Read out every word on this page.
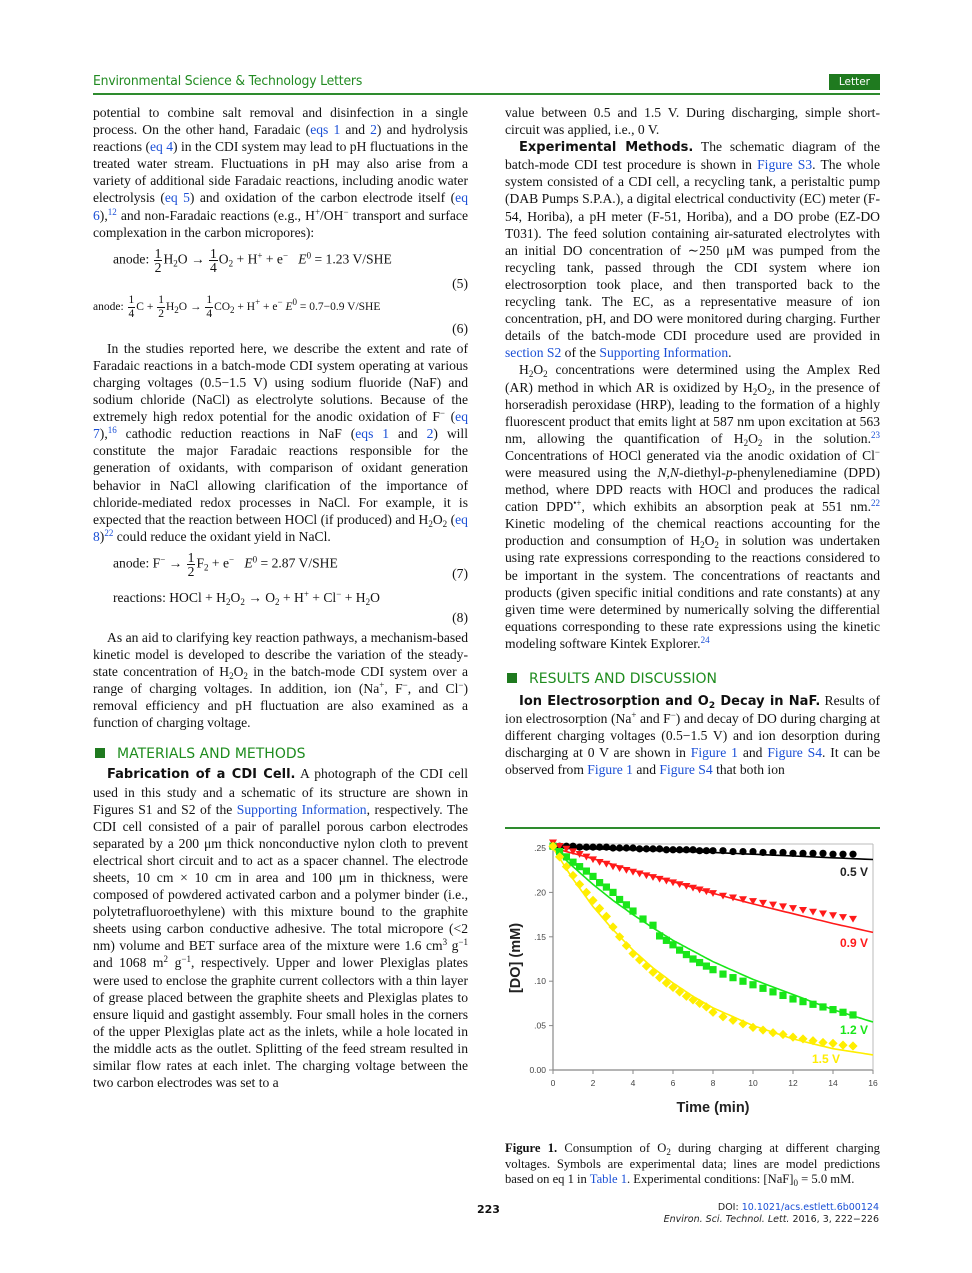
Environmental Science & Technology Letters	Letter

potential to combine salt removal and disinfection in a single process. On the other hand, Faradaic (eqs 1 and 2) and hydrolysis reactions (eq 4) in the CDI system may lead to pH fluctuations in the treated water stream. Fluctuations in pH may also arise from a variety of additional side Faradaic reactions, including anodic water electrolysis (eq 5) and oxidation of the carbon electrode itself (eq 6),$^{12}$ and non-Faradaic reactions (e.g., H+/OH− transport and surface complexation in the carbon micropores):

anode: $\frac{1}{2} H_2O \to \frac{1}{4} O_2 + H^+ + e^-$ $E^0 = 1.23$ V/SHE
(5)
anode: $\frac{1}{4}$ $C + \frac{1}{2} H_2O \to \frac{1}{4} CO_2 + H^+ + e^-$ $E^0 = 0.7-0.9$ V/SHE
(6)

In the studies reported here, we describe the extent and rate of Faradaic reactions in a batch-mode CDI system operating at various charging voltages (0.5−1.5 V) using sodium fluoride (NaF) and sodium chloride (NaCl) as electrolyte solutions. Because of the extremely high redox potential for the anodic oxidation of F− (eq 7),$^{16}$ cathodic reduction reactions in NaF (eqs 1 and 2) will constitute the major Faradaic reactions responsible for the generation of oxidants, with comparison of oxidant generation behavior in NaCl allowing clarification of the importance of chloride-mediated redox processes in NaCl. For example, it is expected that the reaction between HOCl (if produced) and $H_2O_2$ (eq 8)$^{22}$ could reduce the oxidant yield in NaCl.

anode: $F^- \to \frac{1}{2} F_2 + e^-$ $E^0 = 2.87$ V/SHE
(7)
reactions: HOCl + $H_2O_2 \to O_2 + H^+ + Cl^- + H_2O$
(8)

As an aid to clarifying key reaction pathways, a mechanism-based kinetic model is developed to describe the variation of the steady-state concentration of $H_2O_2$ in the batch-mode CDI system over a range of charging voltages. In addition, ion (Na+, F−, and Cl−) removal efficiency and pH fluctuation are also examined as a function of charging voltage.

MATERIALS AND METHODS

Fabrication of a CDI Cell. A photograph of the CDI cell used in this study and a schematic of its structure are shown in Figures S1 and S2 of the Supporting Information, respectively. The CDI cell consisted of a pair of parallel porous carbon electrodes separated by a 200 μm thick nonconductive nylon cloth to prevent electrical short circuit and to act as a spacer channel. The electrode sheets, 10 cm × 10 cm in area and 100 μm in thickness, were composed of powdered activated carbon and a polymer binder (i.e., polytetrafluoroethylene) with this mixture bound to the graphite sheets using carbon conductive adhesive. The total micropore (<2 nm) volume and BET surface area of the mixture were 1.6 $cm^3$ $g^{-1}$ and 1068 $m^2$ $g^{-1}$, respectively. Upper and lower Plexiglas plates were used to enclose the graphite current collectors with a thin layer of grease placed between the graphite sheets and Plexiglas plates to ensure liquid and gastight assembly. Four small holes in the corners of the upper Plexiglas plate act as the inlets, while a hole located in the middle acts as the outlet. Splitting of the feed stream resulted in similar flow rates at each inlet. The charging voltage between the two carbon electrodes was set to a

value between 0.5 and 1.5 V. During discharging, simple short-circuit was applied, i.e., 0 V.

Experimental Methods. The schematic diagram of the batch-mode CDI test procedure is shown in Figure S3. The whole system consisted of a CDI cell, a recycling tank, a peristaltic pump (DAB Pumps S.P.A.), a digital electrical conductivity (EC) meter (F-54, Horiba), a pH meter (F-51, Horiba), and a DO probe (EZ-DO T031). The feed solution containing air-saturated electrolytes with an initial DO concentration of ∼250 μM was pumped from the recycling tank, passed through the CDI system where ion electrosorption took place, and then transported back to the recycling tank. The EC, as a representative measure of ion concentration, pH, and DO were monitored during charging. Further details of the batch-mode CDI procedure used are provided in section S2 of the Supporting Information.

$H_2O_2$ concentrations were determined using the Amplex Red (AR) method in which AR is oxidized by $H_2O_2$, in the presence of horseradish peroxidase (HRP), leading to the formation of a highly fluorescent product that emits light at 587 nm upon excitation at 563 nm, allowing the quantification of $H_2O_2$ in the solution.$^{23}$ Concentrations of HOCl generated via the anodic oxidation of Cl− were measured using the N,N-diethyl-p-phenylenediamine (DPD) method, where DPD reacts with HOCl and produces the radical cation DPD•+, which exhibits an absorption peak at 551 nm.$^{22}$ Kinetic modeling of the chemical reactions accounting for the production and consumption of $H_2O_2$ in solution was undertaken using rate expressions corresponding to the reactions considered to be important in the system. The concentrations of reactants and products (given specific initial conditions and rate constants) at any given time were determined by numerically solving the differential equations corresponding to these rate expressions using the kinetic modeling software Kintek Explorer.$^{24}$

RESULTS AND DISCUSSION

Ion Electrosorption and $O_2$ Decay in NaF. Results of ion electrosorption (Na+ and F−) and decay of DO during charging at different charging voltages (0.5−1.5 V) and ion desorption during discharging at 0 V are shown in Figure 1 and Figure S4. It can be observed from Figure 1 and Figure S4 that both ion

0	2	4	6	8	10	12	14	16
0.00
.05
.10
.15
.20
.25
Time (min)
[DO] (mM)
0.5 V
0.9 V
1.2 V
1.5 V
Figure 1. Consumption of $O_2$ during charging at different charging voltages. Symbols are experimental data; lines are model predictions based on eq 1 in Table 1. Experimental conditions: $[NaF]_0 = 5.0$ mM.
223	DOI: 10.1021/acs.estlett.6b00124
Environ. Sci. Technol. Lett. 2016, 3, 222−226
